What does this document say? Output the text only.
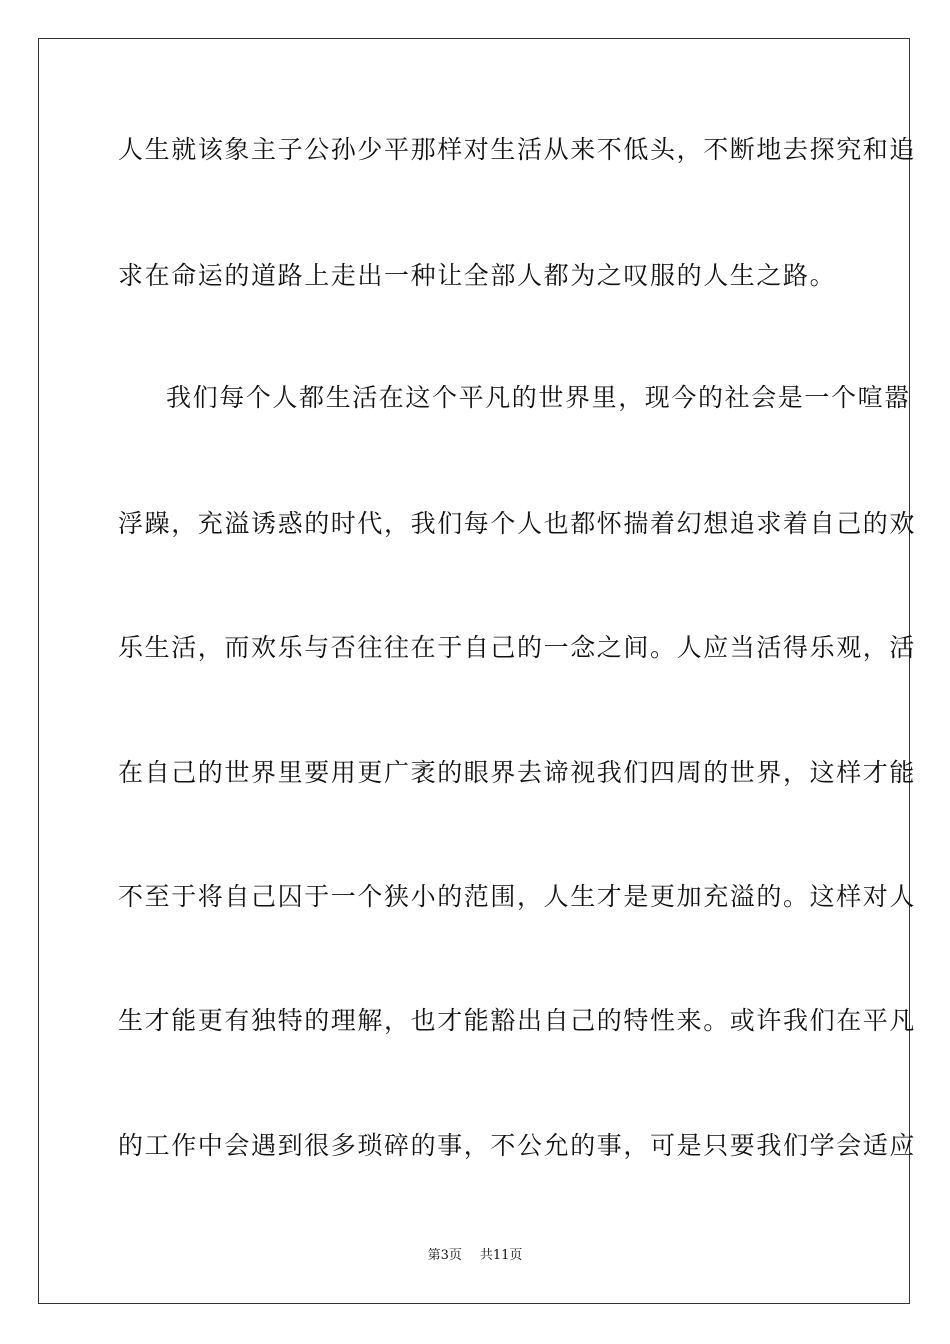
人生就该象主子公孙少平那样对生活从来不低头，不断地去探究和追
求在命运的道路上走出一种让全部人都为之叹服的人生之路。
我们每个人都生活在这个平凡的世界里，现今的社会是一个喧嚣
浮躁，充溢诱惑的时代，我们每个人也都怀揣着幻想追求着自己的欢
乐生活，而欢乐与否往往在于自己的一念之间。人应当活得乐观，活
在自己的世界里要用更广袤的眼界去谛视我们四周的世界，这样才能
不至于将自己囚于一个狭小的范围，人生才是更加充溢的。这样对人
生才能更有独特的理解，也才能豁出自己的特性来。或许我们在平凡
的工作中会遇到很多琐碎的事，不公允的事，可是只要我们学会适应
第3页 共11页
